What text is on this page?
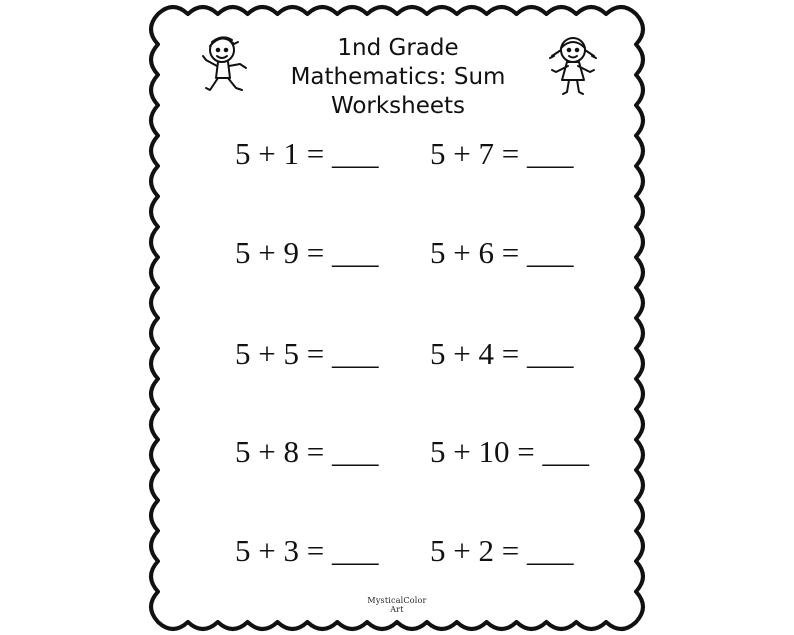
1nd Grade
Mathematics: Sum
Worksheets
5 + 1 = ___ 5 + 7 = ___
5 + 9 = ___ 5 + 6 = ___
5 + 5 = ___ 5 + 4 = ___
5 + 8 = ___ 5 + 10 = ___
5 + 3 = ___ 5 + 2 = ___
MysticalColor
Art
